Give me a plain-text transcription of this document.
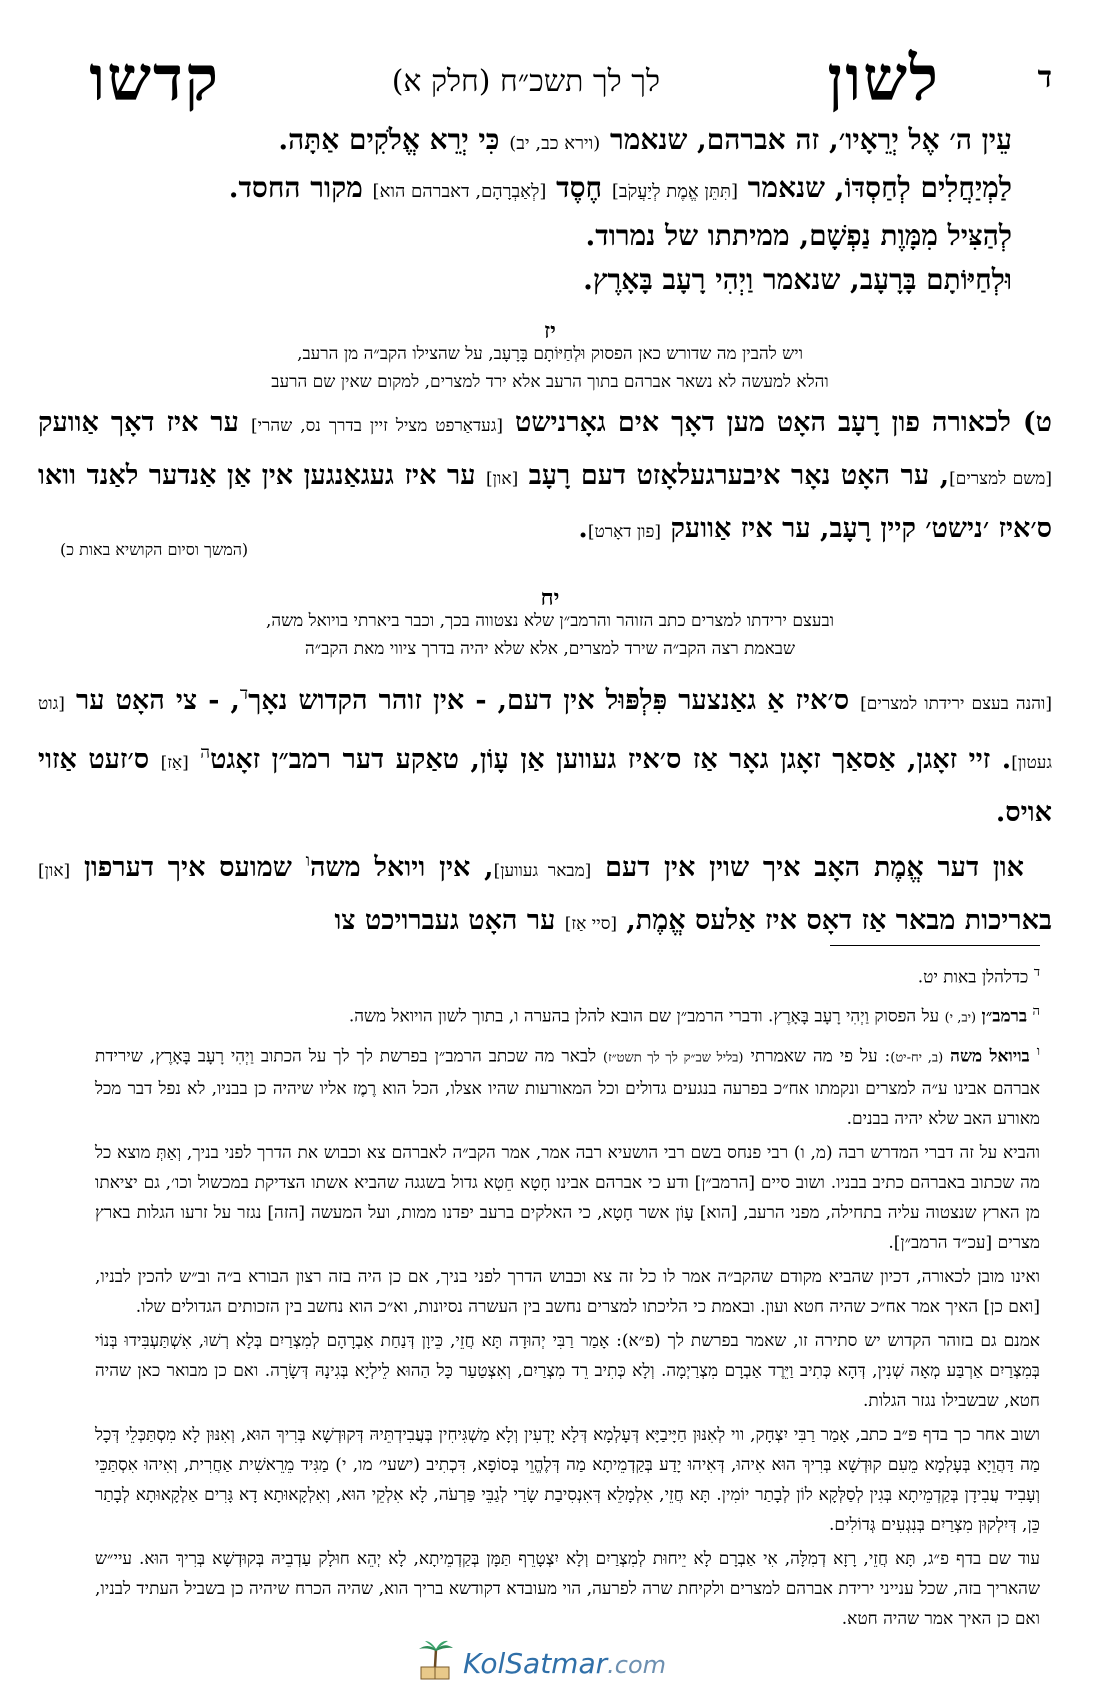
ד
לשון
לך לך תשכ״ח (חלק א)
קדשו
עֵין ה׳ אֶל יְרֵאָיו׳, זה אברהם, שנאמר (וירא כב, יב) כִּי יְרֵא אֱלֹקִים אַתָּה.
לַמְיַחֲלִים לְחַסְדּוֹ, שנאמר [תִּתֵּן אֱמֶת לְיַעֲקֹב] חֶסֶד [לְאַבְרָהָם, דאברהם הוא] מקור החסד.
לְהַצִּיל מִמָּוֶת נַפְשָׁם, ממיתתו של נמרוד.
וּלְחַיּוֹתָם בָּרָעָב, שנאמר וַיְהִי רָעָב בָּאָרֶץ.
יז
ויש להבין מה שדורש כאן הפסוק וּלְחַיּוֹתָם בָּרָעָב, על שהצילו הקב״ה מן הרעב,
והלא למעשה לא נשאר אברהם בתוך הרעב אלא ירד למצרים, למקום שאין שם הרעב
ט) לכאורה פון רָעָב האָט מען דאָך אים גאָרנישט [געדאַרפט מציל זיין בדרך נס, שהרי] ער איז דאָך אַוועק [משם למצרים], ער האָט נאָר איבערגעלאָזט דעם רָעָב [און] ער איז געגאַנגען אין אַן אַנדער לאַנד וואו ס׳איז ׳נישט׳ קיין רָעָב, ער איז אַוועק [פון דאָרט].
(המשך וסיום הקושיא באות כ)
יח
ובעצם ירידתו למצרים כתב הזוהר והרמב״ן שלא נצטווה בכך, וכבר ביארתי בויואל משה,
שבאמת רצה הקב״ה שירד למצרים, אלא שלא יהיה בדרך ציווי מאת הקב״ה
[והנה בעצם ירידתו למצרים] ס׳איז אַ גאַנצער פִּלְפּוּל אין דעם, - אין זוהר הקדוש נאָך$^ד$, - צי האָט ער [גוט געטון]. זיי זאָגן, אַסאַך זאָגן גאָר אַז ס׳איז געווען אַן עָוֹן, טאַקע דער רמב״ן זאָגט$^ה$ [אַז] ס׳זעט אַזוי אויס.
און דער אֱמֶת האָב איך שוין אין דעם [מבאר געווען], אין ויואל משה$^ו$ שמועס איך דערפון [און] באריכות מבאר אַז דאָס איז אַלעס אֱמֶת, [סיי אַז] ער האָט געברויכט צו

$^ד$ כדלהלן באות יט.

$^ה$ ברמב״ן (יב, י) על הפסוק וַיְהִי רָעָב בָּאָרֶץ. ודברי הרמב״ן שם הובא להלן בהערה ו, בתוך לשון הויואל משה.

$^ו$ בויואל משה (ב, יח-יט): על פי מה שאמרתי (בליל שב״ק לך לך תשט״ז) לבאר מה שכתב הרמב״ן בפרשת לך לך על הכתוב וַיְהִי רָעָב בָּאָרֶץ, שירידת אברהם אבינו ע״ה למצרים ונקמתו אח״כ בפרעה בנגעים גדולים וכל המאורעות שהיו אצלו, הכל הוא רֶמֶז אליו שיהיה כן בבניו, לא נפל דבר מכל מאורע האב שלא יהיה בבנים.

והביא על זה דברי המדרש רבה (מ, ו) רבי פנחס בשם רבי הושעיא רבה אמר, אמר הקב״ה לאברהם צא וכבוש את הדרך לפני בניך, וְאַתְּ מוצא כל מה שכתוב באברהם כתיב בבניו. ושוב סיים [הרמב״ן] ודע כי אברהם אבינו חָטָא חֵטְא גדול בשגגה שהביא אשתו הצדיקת במכשול וכו׳, גם יציאתו מן הארץ שנצטוה עליה בתחילה, מפני הרעב, [הוא] עָוֹן אשר חָטָא, כי האלקים ברעב יפדנו ממות, ועל המעשה [הזה] נגזר על זרעו הגלות בארץ מצרים [עכ״ד הרמב״ן].

ואינו מובן לכאורה, דכיון שהביא מקודם שהקב״ה אמר לו כל זה צא וכבוש הדרך לפני בניך, אם כן היה בזה רצון הבורא ב״ה וב״ש להכין לבניו, [ואם כן] האיך אמר אח״כ שהיה חטא ועון. ובאמת כי הליכתו למצרים נחשב בין העשרה נסיונות, וא״כ הוא נחשב בין הזכותים הגדולים שלו.

אמנם גם בזוהר הקדוש יש סתירה זו, שאמר בפרשת לך (פ״א): אָמַר רַבִּי יְהוּדָה תָּא חֲזֵי, כֵּיוָן דְּנַחַת אַבְרָהָם לְמִצְרַיִם בְּלָא רְשׁוּ, אִשְׁתַּעְבִּידוּ בְּנוֹי בְּמִצְרַיִם אַרְבַּע מְאָה שְׁנִין, דְּהָא כְּתִיב וַיֵּרֶד אַבְרָם מִצְרַיְמָה. וְלָא כְּתִיב רֵד מִצְרַיִם, וְאִצְטַעַר כָּל הַהוּא לֵילְיָא בְּגִינָהּ דְּשָׂרָה. ואם כן מבואר כאן שהיה חטא, שבשבילו נגזר הגלות.

ושוב אחר כך בדף פ״ב כתב, אָמַר רַבִּי יִצְחָק, ווי לְאִנּוּן חַיָּיבַיָּא דְּעָלְמָא דְּלָא יָדְעִין וְלָא מַשְׁגִּיחִין בְּעֲבִידְתֵּיהּ דְּקוּדְשָׁא בְּרִיךְ הוּא, וְאִנּוּן לָא מִסְתַּכְּלֵי דְּכָל מַה דַּהֲוֵיָא בְּעָלְמָא מֵעִם קוּדְשָׁא בְּרִיךְ הוּא אִיהוּ, דְּאִיהוּ יָדַע בְּקַדְמֵיתָא מַה דְּלֶהֱוֵי בְּסוֹפָא, דִּכְתִיב (ישעי׳ מו, י) מַגִּיד מֵרֵאשִׁית אַחֲרִית, וְאִיהוּ אִסְתַּכֵּי וְעָבִיד עֲבִידָן בְּקַדְמֵיתָא בְּגִין לְסַלְּקָא לוֹן לְבָתַר יוֹמִין. תָּא חֲזֵי, אִלְמָלֵא דְּאִנְסִיבַת שָׂרַי לְגַבֵּי פַּרְעֹה, לָא אִלְקֵי הוּא, וְאִלְקָאוּתָא דָא גָּרִים אַלְקָאוּתָא לְבָתַר כֵּן, דְּיִלְקוּן מִצְרַיִם בְּנִגְעִים גְּדוֹלִים.

עוד שם בדף פ״ג, תָּא חֲזֵי, רָזָא דְמִלָּה, אִי אַבְרָם לָא יֵיחוּת לְמִצְרַיִם וְלָא יִצְטָרֵף תַּמָּן בְּקַדְמֵיתָא, לָא יְהֵא חוּלָק עַדְבֵיהּ בְּקוּדְשָׁא בְּרִיךְ הוּא. עיי״ש שהאריך בזה, שכל ענייני ירידת אברהם למצרים ולקיחת שרה לפרעה, הוי מעובדא דקודשא בריך הוא, שהיה הכרח שיהיה כן בשביל העתיד לבניו, ואם כן האיך אמר שהיה חטא.

KolSatmar.com
